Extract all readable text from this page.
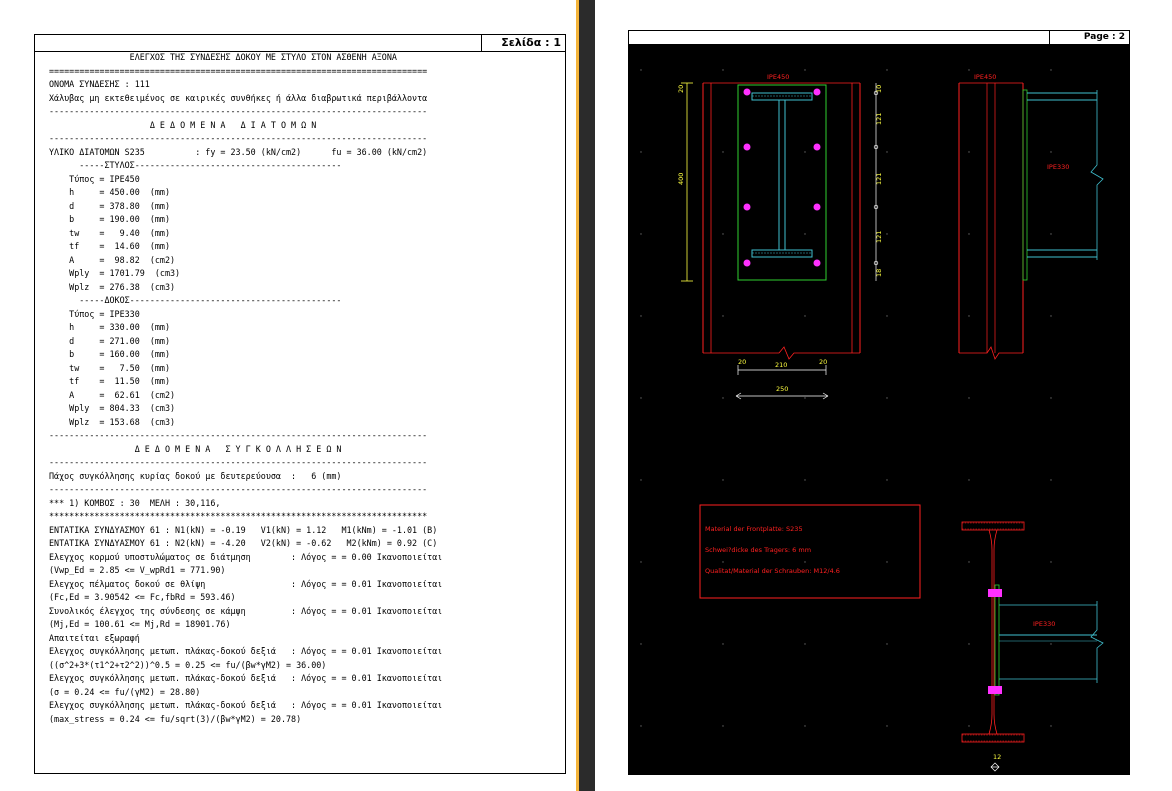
Σελίδα : 1
ΕΛΕΓΧΟΣ ΤΗΣ ΣΥΝΔΕΣΗΣ ΔΟΚΟΥ ΜΕ ΣΤΥΛΟ ΣΤΟΝ ΑΣΘΕΝΗ ΑΞΟΝΑ
===========================================================================
ΟΝΟΜΑ ΣΥΝΔΕΣΗΣ : 111
Χάλυβας μη εκτεθειμένος σε καιρικές συνθήκες ή άλλα διαβρωτικά περιβάλλοντα
---------------------------------------------------------------------------
Δ Ε Δ Ο Μ Ε Ν Α   Δ Ι Α Τ Ο Μ Ω Ν
---------------------------------------------------------------------------
ΥΛΙΚΟ ΔΙΑΤΟΜΩΝ S235          : fy = 23.50 (kN/cm2)      fu = 36.00 (kN/cm2)
-----ΣΤΥΛΟΣ-----------------------------------------
Τύπος = IPE450
h     = 450.00  (mm)
d     = 378.80  (mm)
b     = 190.00  (mm)
tw    =   9.40  (mm)
tf    =  14.60  (mm)
A     =  98.82  (cm2)
Wply  = 1701.79  (cm3)
Wplz  = 276.38  (cm3)
-----ΔΟΚΟΣ------------------------------------------
Τύπος = IPE330
h     = 330.00  (mm)
d     = 271.00  (mm)
b     = 160.00  (mm)
tw    =   7.50  (mm)
tf    =  11.50  (mm)
A     =  62.61  (cm2)
Wply  = 804.33  (cm3)
Wplz  = 153.68  (cm3)
---------------------------------------------------------------------------
Δ Ε Δ Ο Μ Ε Ν Α   Σ Υ Γ Κ Ο Λ Λ Η Σ Ε Ω Ν
---------------------------------------------------------------------------
Πάχος συγκόλλησης κυρίας δοκού με δευτερεύουσα  :   6 (mm)
---------------------------------------------------------------------------
*** 1) ΚΟΜΒΟΣ : 30  ΜΕΛΗ : 30,116,
***************************************************************************
ΕΝΤΑΤΙΚΑ ΣΥΝΔΥΑΣΜΟΥ 61 : N1(kN) = -0.19   V1(kN) = 1.12   M1(kNm) = -1.01 (B)
ΕΝΤΑΤΙΚΑ ΣΥΝΔΥΑΣΜΟΥ 61 : N2(kN) = -4.20   V2(kN) = -0.62   M2(kNm) = 0.92 (C)
Ελεγχος κορμού υποστυλώματος σε διάτμηση        : Λόγος = = 0.00 Ικανοποιείται
(Vwp_Ed = 2.85 <= V_wpRd1 = 771.90)
Ελεγχος πέλματος δοκού σε θλίψη                 : Λόγος = = 0.01 Ικανοποιείται
(Fc,Ed = 3.90542 <= Fc,fbRd = 593.46)
Συνολικός έλεγχος της σύνδεσης σε κάμψη         : Λόγος = = 0.01 Ικανοποιείται
(Mj,Ed = 100.61 <= Mj,Rd = 18901.76)
Απαιτείται εξωραφή
Ελεγχος συγκόλλησης μετωπ. πλάκας-δοκού δεξιά   : Λόγος = = 0.01 Ικανοποιείται
((σ^2+3*(τ1^2+τ2^2))^0.5 = 0.25 <= fu/(βw*γM2) = 36.00)
Ελεγχος συγκόλλησης μετωπ. πλάκας-δοκού δεξιά   : Λόγος = = 0.01 Ικανοποιείται
(σ = 0.24 <= fu/(γM2) = 28.80)
Ελεγχος συγκόλλησης μετωπ. πλάκας-δοκού δεξιά   : Λόγος = = 0.01 Ικανοποιείται
(max_stress = 0.24 <= fu/sqrt(3)/(βw*γM2) = 20.78)
Page : 2
IPE450
400
20	10
121
121
121
18
20	210	20
250
IPE450
IPE330
Material der Frontplatte: S235
Schwei?dicke des Tragers: 6 mm
Qualitat/Material der Schrauben: M12/4.6
IPE330
12
